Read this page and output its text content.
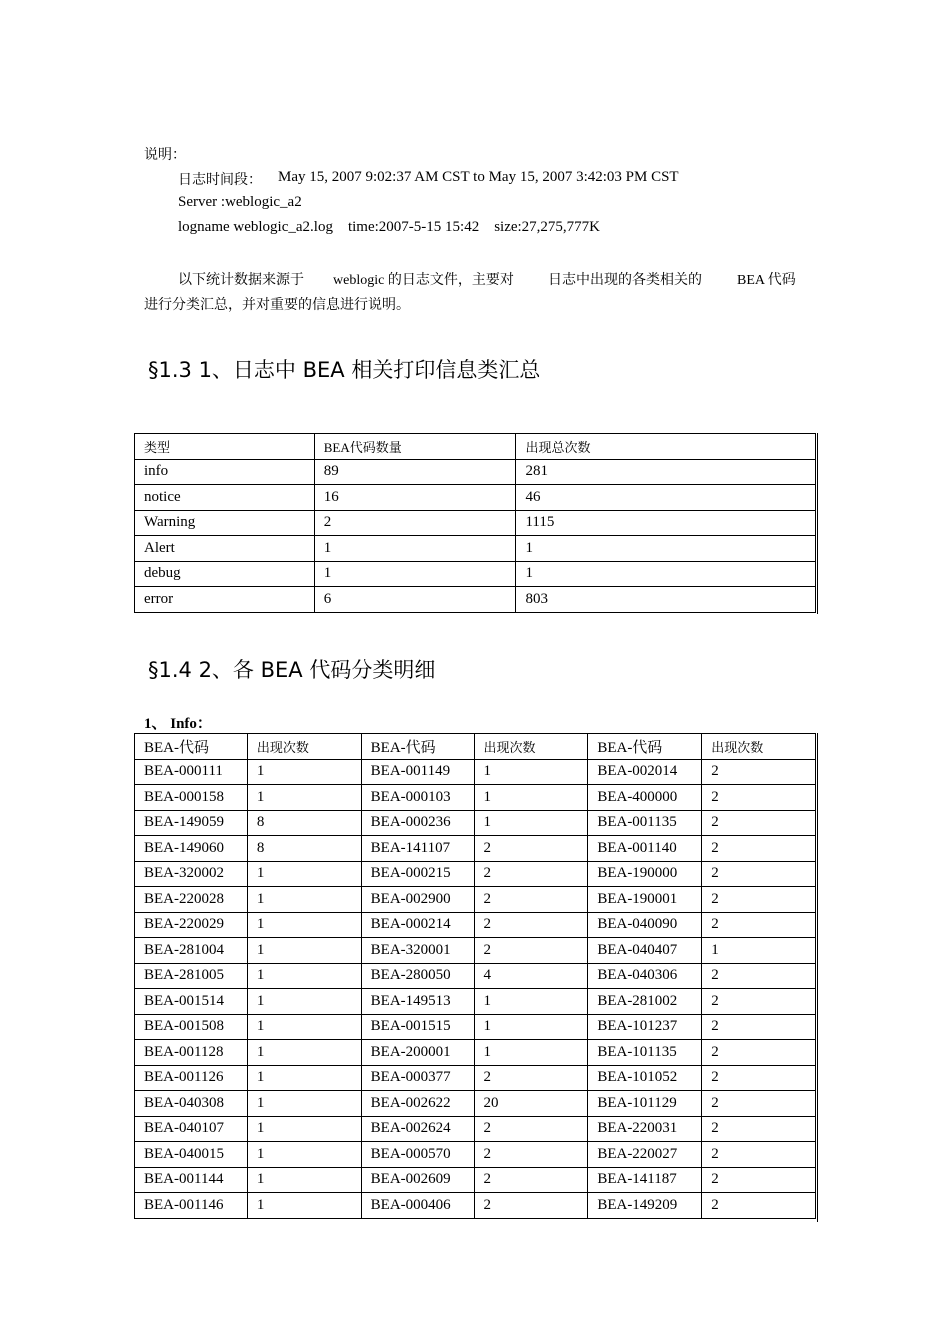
说明：
日志时间段： May 15, 2007 9:02:37 AM CST to May 15, 2007 3:42:03 PM CST
Server :weblogic_a2
logname weblogic_a2.log    time:2007-5-15 15:42    size:27,275,777K
以下统计数据来源于 weblogic 的日志文件，主要对 日志中出现的各类相关的	BEA 代码
进行分类汇总，并对重要的信息进行说明。
§1.3 1、日志中 BEA 相关打印信息类汇总
类型	BEA代码数量	出现总次数
info	89	281
notice	16	46
Warning	2	1115
Alert	1	1
debug	1	1
error	6	803
§1.4 2、各 BEA 代码分类明细
1、 Info：
BEA-代码	出现次数	BEA-代码	出现次数	BEA-代码	出现次数
BEA-000111	1	BEA-001149	1	BEA-002014	2
BEA-000158	1	BEA-000103	1	BEA-400000	2
BEA-149059	8	BEA-000236	1	BEA-001135	2
BEA-149060	8	BEA-141107	2	BEA-001140	2
BEA-320002	1	BEA-000215	2	BEA-190000	2
BEA-220028	1	BEA-002900	2	BEA-190001	2
BEA-220029	1	BEA-000214	2	BEA-040090	2
BEA-281004	1	BEA-320001	2	BEA-040407	1
BEA-281005	1	BEA-280050	4	BEA-040306	2
BEA-001514	1	BEA-149513	1	BEA-281002	2
BEA-001508	1	BEA-001515	1	BEA-101237	2
BEA-001128	1	BEA-200001	1	BEA-101135	2
BEA-001126	1	BEA-000377	2	BEA-101052	2
BEA-040308	1	BEA-002622	20	BEA-101129	2
BEA-040107	1	BEA-002624	2	BEA-220031	2
BEA-040015	1	BEA-000570	2	BEA-220027	2
BEA-001144	1	BEA-002609	2	BEA-141187	2
BEA-001146	1	BEA-000406	2	BEA-149209	2
